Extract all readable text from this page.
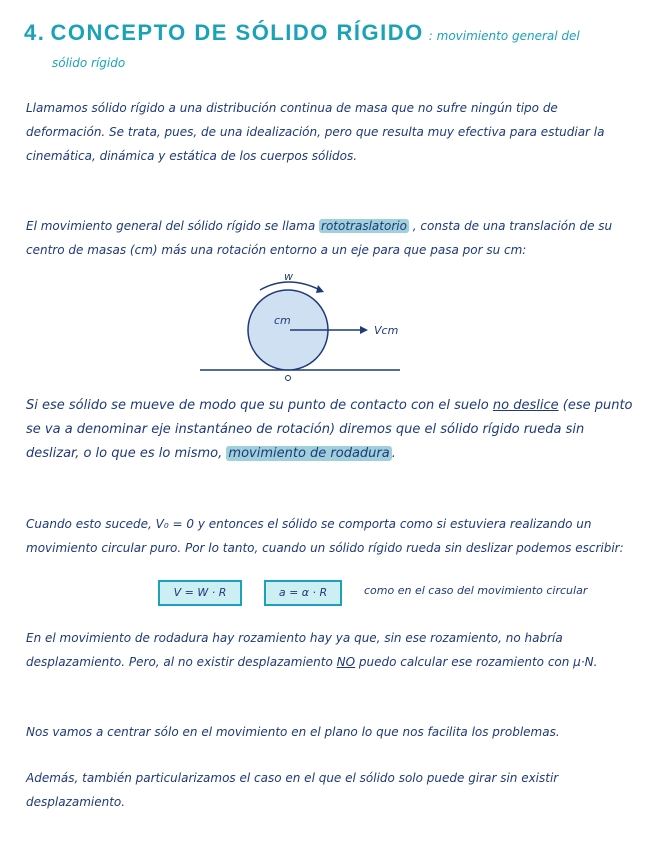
4. CONCEPTO DE SÓLIDO RÍGIDO : movimiento general del
sólido rígido

Llamamos sólido rígido a una distribución continua de masa que no sufre ningún tipo de deformación. Se trata, pues, de una idealización, pero que resulta muy efectiva para estudiar la cinemática, dinámica y estática de los cuerpos sólidos.

El movimiento general del sólido rígido se llama rototraslatorio , consta de una translación de su centro de masas (cm) más una rotación entorno a un eje para que pasa por su cm:

w
cm
Vcm

Si ese sólido se mueve de modo que su punto de contacto con el suelo no deslice (ese punto se va a denominar eje instantáneo de rotación) diremos que el sólido rígido rueda sin deslizar, o lo que es lo mismo, movimiento de rodadura .

Cuando esto sucede, V₀ = 0 y entonces el sólido se comporta como si estuviera realizando un movimiento circular puro. Por lo tanto, cuando un sólido rígido rueda sin deslizar podemos escribir:

V = W · R	a = α · R	como en el caso del movimiento circular

En el movimiento de rodadura hay rozamiento hay ya que, sin ese rozamiento, no habría desplazamiento. Pero, al no existir desplazamiento NO puedo calcular ese rozamiento con μ·N.

Nos vamos a centrar sólo en el movimiento en el plano lo que nos facilita los problemas.

Además, también particularizamos el caso en el que el sólido solo puede girar sin existir desplazamiento.
